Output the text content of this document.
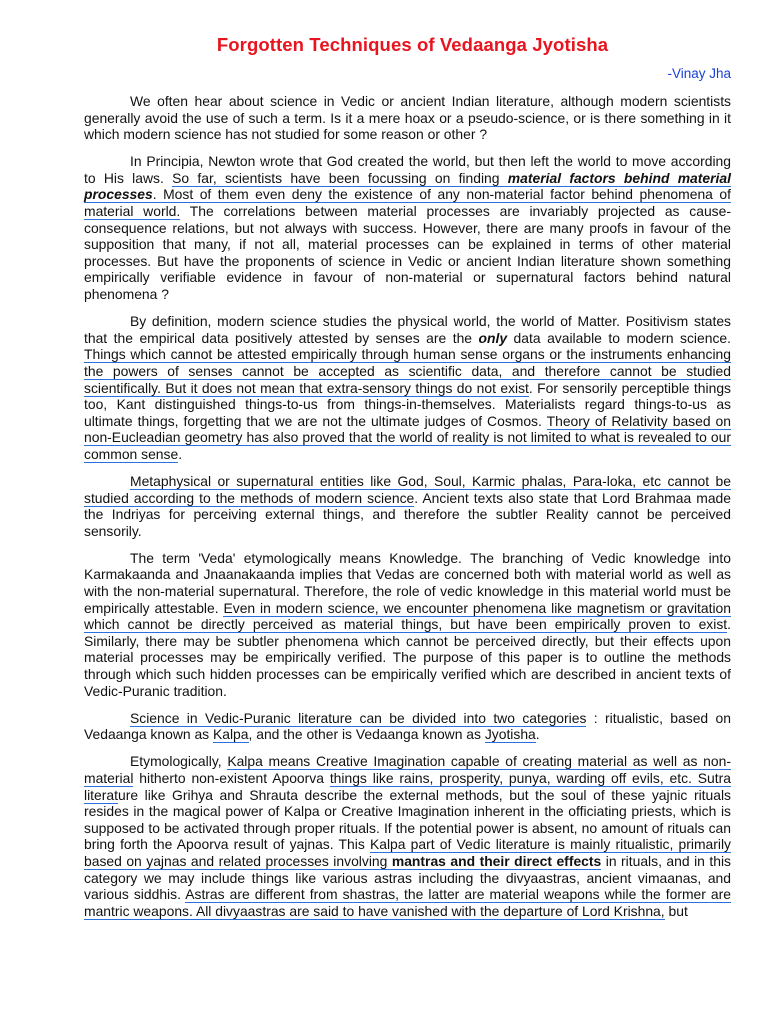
Forgotten Techniques of Vedaanga Jyotisha
-Vinay Jha

We often hear about science in Vedic or ancient Indian literature, although modern scientists generally avoid the use of such a term. Is it a mere hoax or a pseudo-science, or is there something in it which modern science has not studied for some reason or other ?

In Principia, Newton wrote that God created the world, but then left the world to move according to His laws. So far, scientists have been focussing on finding material factors behind material processes. Most of them even deny the existence of any non-material factor behind phenomena of material world. The correlations between material processes are invariably projected as cause-consequence relations, but not always with success. However, there are many proofs in favour of the supposition that many, if not all, material processes can be explained in terms of other material processes. But have the proponents of science in Vedic or ancient Indian literature shown something empirically verifiable evidence in favour of non-material or supernatural factors behind natural phenomena ?

By definition, modern science studies the physical world, the world of Matter. Positivism states that the empirical data positively attested by senses are the only data available to modern science. Things which cannot be attested empirically through human sense organs or the instruments enhancing the powers of senses cannot be accepted as scientific data, and therefore cannot be studied scientifically. But it does not mean that extra-sensory things do not exist. For sensorily perceptible things too, Kant distinguished things-to-us from things-in-themselves. Materialists regard things-to-us as ultimate things, forgetting that we are not the ultimate judges of Cosmos. Theory of Relativity based on non-Eucleadian geometry has also proved that the world of reality is not limited to what is revealed to our common sense.

Metaphysical or supernatural entities like God, Soul, Karmic phalas, Para-loka, etc cannot be studied according to the methods of modern science. Ancient texts also state that Lord Brahmaa made the Indriyas for perceiving external things, and therefore the subtler Reality cannot be perceived sensorily.

The term 'Veda' etymologically means Knowledge. The branching of Vedic knowledge into Karmakaanda and Jnaanakaanda implies that Vedas are concerned both with material world as well as with the non-material supernatural. Therefore, the role of vedic knowledge in this material world must be empirically attestable. Even in modern science, we encounter phenomena like magnetism or gravitation which cannot be directly perceived as material things, but have been empirically proven to exist. Similarly, there may be subtler phenomena which cannot be perceived directly, but their effects upon material processes may be empirically verified. The purpose of this paper is to outline the methods through which such hidden processes can be empirically verified which are described in ancient texts of Vedic-Puranic tradition.

Science in Vedic-Puranic literature can be divided into two categories : ritualistic, based on Vedaanga known as Kalpa, and the other is Vedaanga known as Jyotisha.

Etymologically, Kalpa means Creative Imagination capable of creating material as well as non-material hitherto non-existent Apoorva things like rains, prosperity, punya, warding off evils, etc. Sutra literature like Grihya and Shrauta describe the external methods, but the soul of these yajnic rituals resides in the magical power of Kalpa or Creative Imagination inherent in the officiating priests, which is supposed to be activated through proper rituals. If the potential power is absent, no amount of rituals can bring forth the Apoorva result of yajnas. This Kalpa part of Vedic literature is mainly ritualistic, primarily based on yajnas and related processes involving mantras and their direct effects in rituals, and in this category we may include things like various astras including the divyaastras, ancient vimaanas, and various siddhis. Astras are different from shastras, the latter are material weapons while the former are mantric weapons. All divyaastras are said to have vanished with the departure of Lord Krishna, but
